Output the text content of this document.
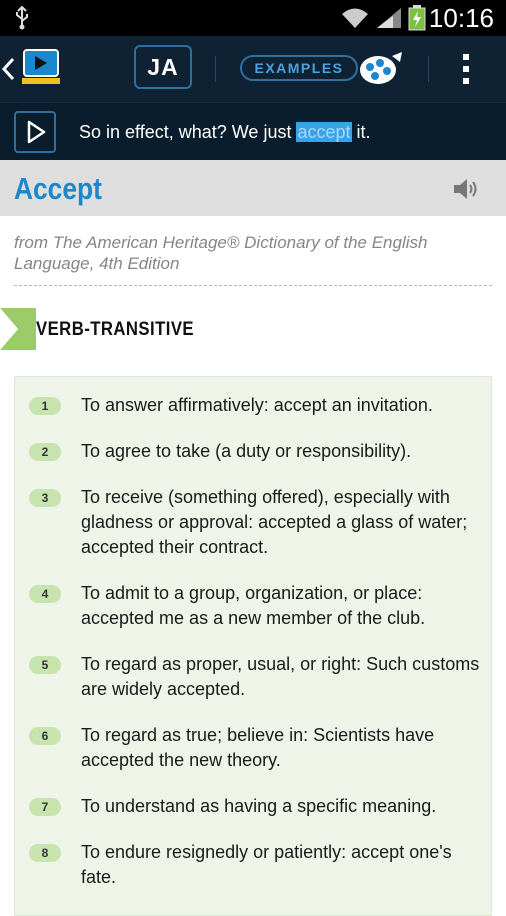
10:16
JA	EXAMPLES
So in effect, what? We just accept it.
Accept
from The American Heritage® Dictionary of the English Language, 4th Edition
VERB-TRANSITIVE
1	To answer affirmatively: accept an invitation.
2	To agree to take (a duty or responsibility).
3	To receive (something offered), especially with gladness or approval: accepted a glass of water; accepted their contract.
4	To admit to a group, organization, or place: accepted me as a new member of the club.
5	To regard as proper, usual, or right: Such customs are widely accepted.
6	To regard as true; believe in: Scientists have accepted the new theory.
7	To understand as having a specific meaning.
8	To endure resignedly or patiently: accept one's fate.
